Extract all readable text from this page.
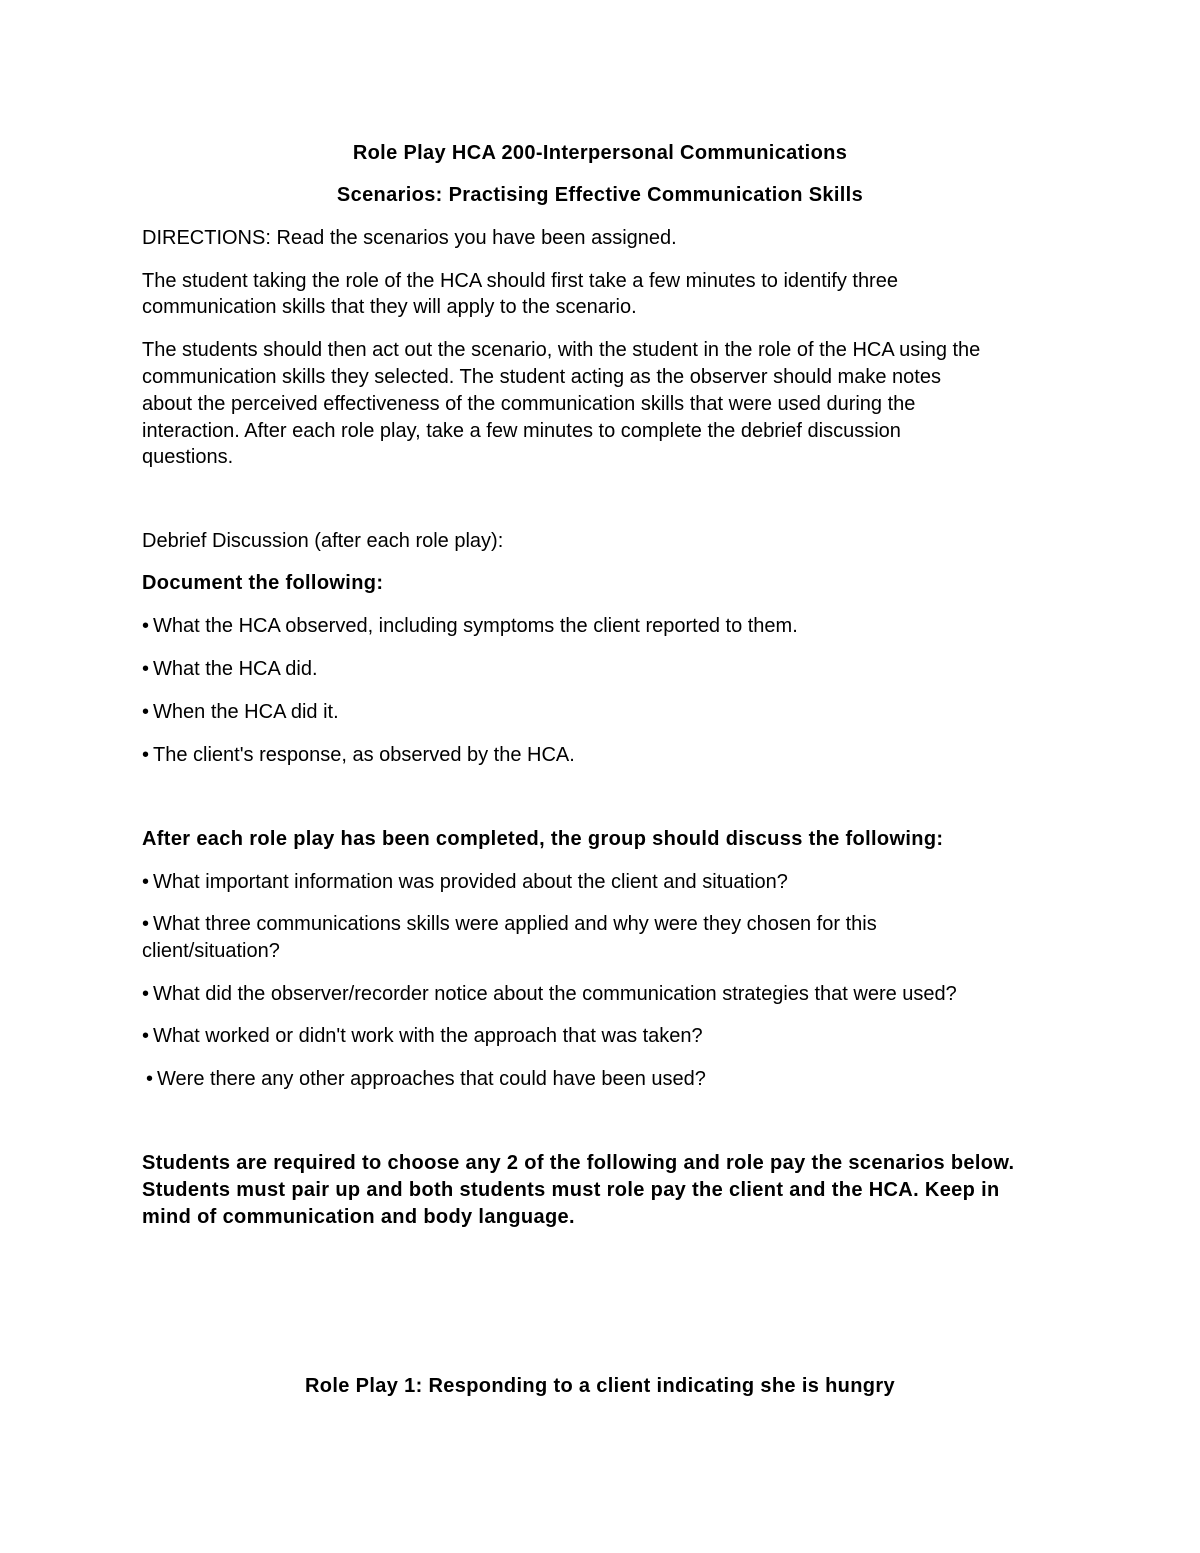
Role Play HCA 200-Interpersonal Communications

Scenarios: Practising Effective Communication Skills

DIRECTIONS: Read the scenarios you have been assigned.

The student taking the role of the HCA should first take a few minutes to identify three

communication skills that they will apply to the scenario.

The students should then act out the scenario, with the student in the role of the HCA using the

communication skills they selected. The student acting as the observer should make notes

about the perceived effectiveness of the communication skills that were used during the

interaction. After each role play, take a few minutes to complete the debrief discussion

questions.

Debrief Discussion (after each role play):

Document the following:

• What the HCA observed, including symptoms the client reported to them.

• What the HCA did.

• When the HCA did it.

• The client's response, as observed by the HCA.

After each role play has been completed, the group should discuss the following:

• What important information was provided about the client and situation?

• What three communications skills were applied and why were they chosen for this

client/situation?

• What did the observer/recorder notice about the communication strategies that were used?

• What worked or didn't work with the approach that was taken?

• Were there any other approaches that could have been used?

Students are required to choose any 2 of the following and role pay the scenarios below.

Students must pair up and both students must role pay the client and the HCA. Keep in

mind of communication and body language.

Role Play 1: Responding to a client indicating she is hungry
